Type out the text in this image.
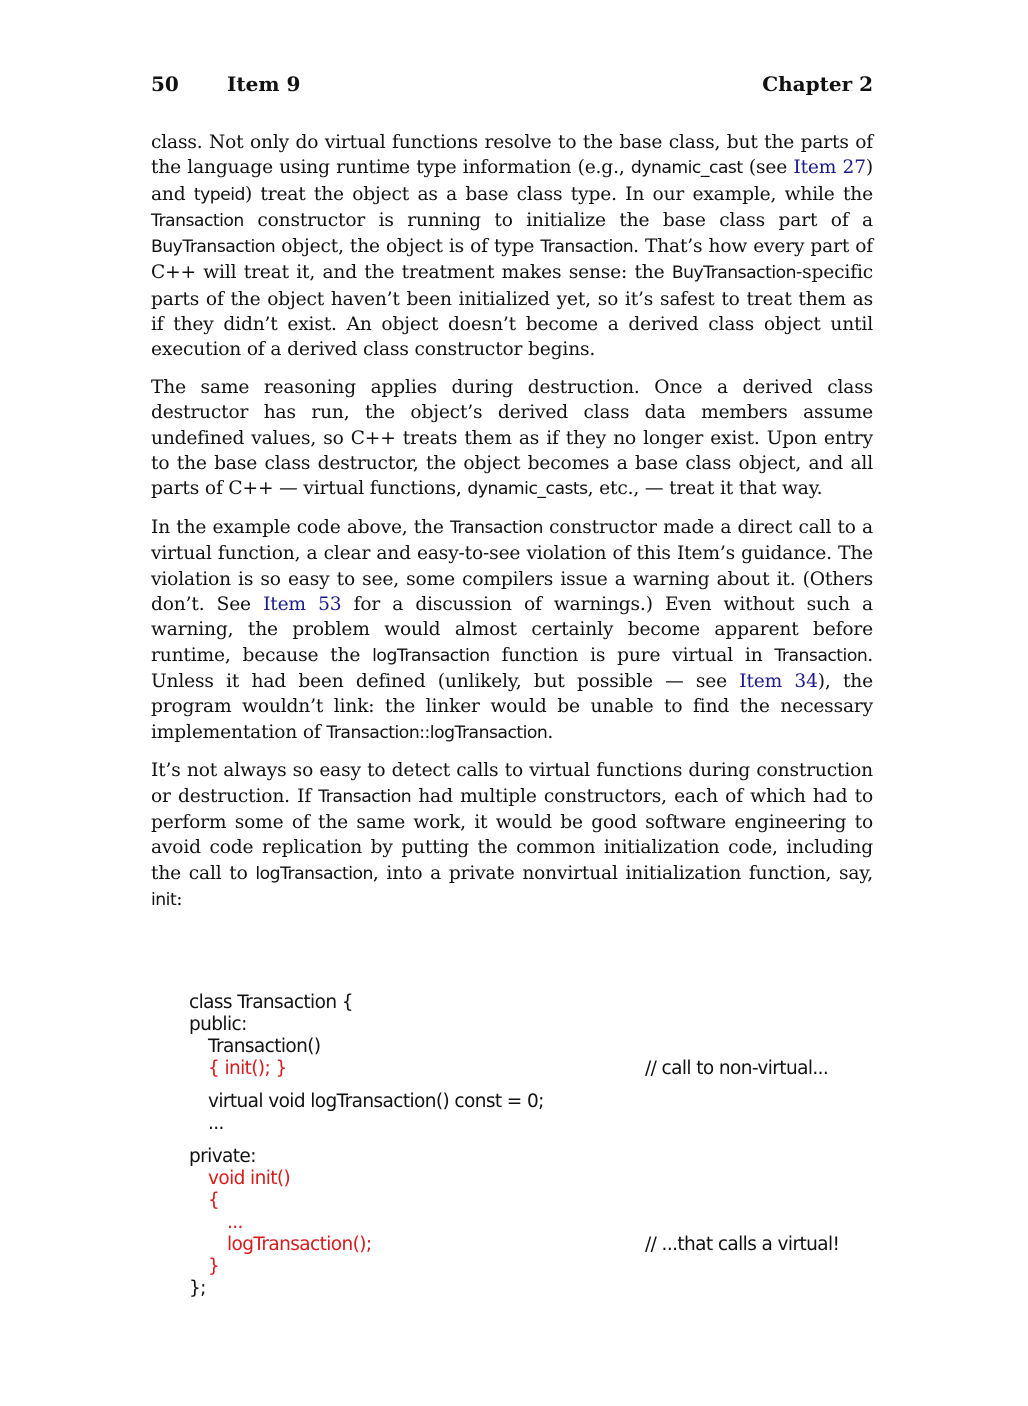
50 Item 9	Chapter 2

class. Not only do virtual functions resolve to the base class, but the parts of the language using runtime type information (e.g., dynamic_cast (see Item 27) and typeid) treat the object as a base class type. In our example, while the Transaction constructor is running to initialize the base class part of a BuyTransaction object, the object is of type Transaction. That’s how every part of C++ will treat it, and the treatment makes sense: the BuyTransaction-specific parts of the object haven’t been initialized yet, so it’s safest to treat them as if they didn’t exist. An object doesn’t become a derived class object until execution of a derived class constructor begins.

The same reasoning applies during destruction. Once a derived class destructor has run, the object’s derived class data members assume undefined values, so C++ treats them as if they no longer exist. Upon entry to the base class destructor, the object becomes a base class object, and all parts of C++ — virtual functions, dynamic_casts, etc., — treat it that way.

In the example code above, the Transaction constructor made a direct call to a virtual function, a clear and easy-to-see violation of this Item’s guidance. The violation is so easy to see, some compilers issue a warning about it. (Others don’t. See Item 53 for a discussion of warnings.) Even without such a warning, the problem would almost certainly become apparent before runtime, because the logTransaction function is pure virtual in Transaction. Unless it had been defined (unlikely, but possible — see Item 34), the program wouldn’t link: the linker would be unable to find the necessary implementation of Transaction::logTransaction.

It’s not always so easy to detect calls to virtual functions during construction or destruction. If Transaction had multiple constructors, each of which had to perform some of the same work, it would be good software engineering to avoid code replication by putting the common initialization code, including the call to logTransaction, into a private nonvirtual initialization function, say, init:

class Transaction {
public:
Transaction()
{ init(); }	// call to non-virtual...
virtual void logTransaction() const = 0;
...
private:
void init()
{
...
logTransaction();	// ...that calls a virtual!
}
};
